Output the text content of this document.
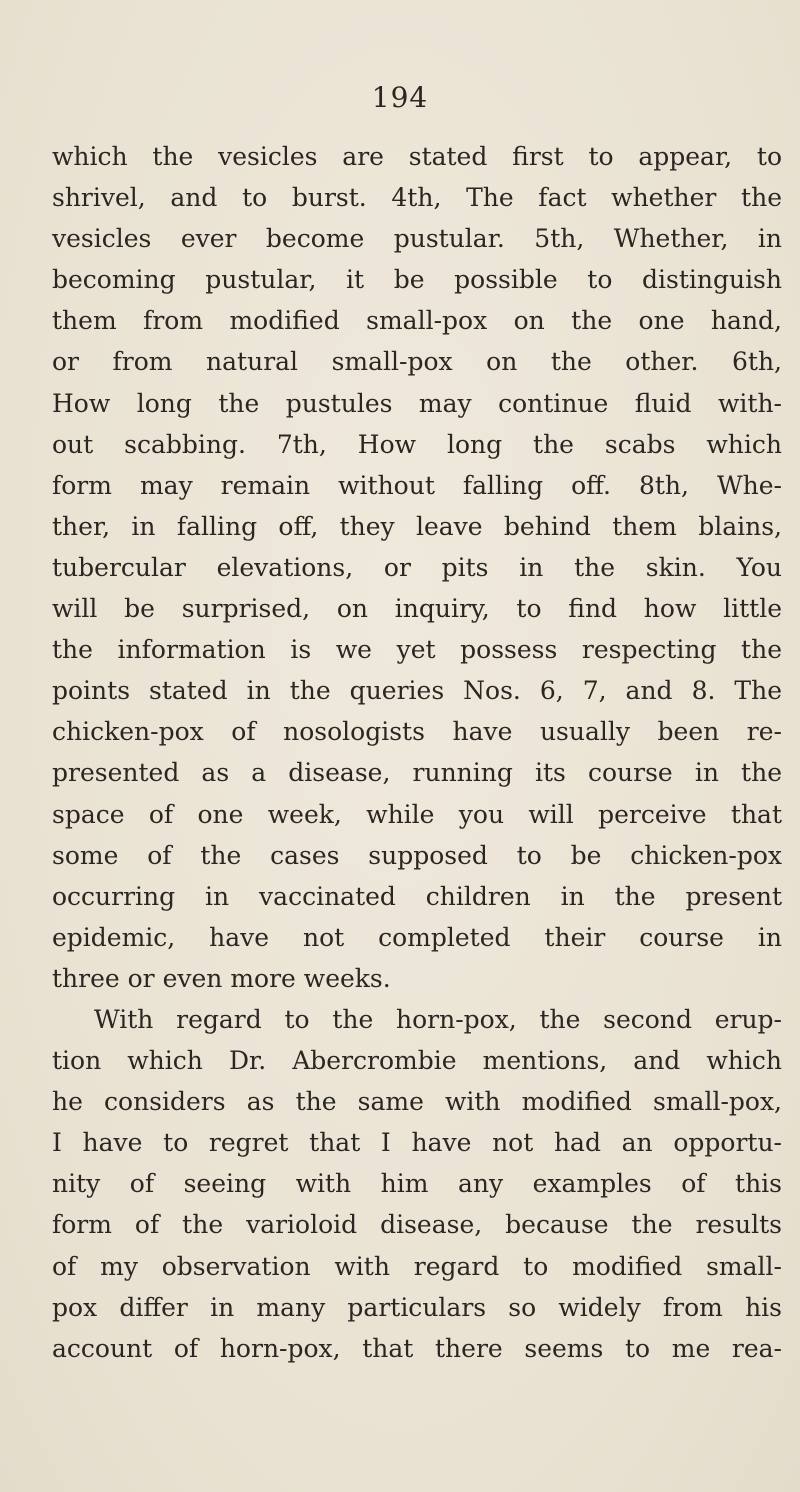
194
which the vesicles are stated first to appear, to
shrivel, and to burst. 4th, The fact whether the
vesicles ever become pustular. 5th, Whether, in
becoming pustular, it be possible to distinguish
them from modified small-pox on the one hand,
or from natural small-pox on the other. 6th,
How long the pustules may continue fluid with-
out scabbing. 7th, How long the scabs which
form may remain without falling off. 8th, Whe-
ther, in falling off, they leave behind them blains,
tubercular elevations, or pits in the skin. You
will be surprised, on inquiry, to find how little
the information is we yet possess respecting the
points stated in the queries Nos. 6, 7, and 8. The
chicken-pox of nosologists have usually been re-
presented as a disease, running its course in the
space of one week, while you will perceive that
some of the cases supposed to be chicken-pox
occurring in vaccinated children in the present
epidemic, have not completed their course in
three or even more weeks.
With regard to the horn-pox, the second erup-
tion which Dr. Abercrombie mentions, and which
he considers as the same with modified small-pox,
I have to regret that I have not had an opportu-
nity of seeing with him any examples of this
form of the varioloid disease, because the results
of my observation with regard to modified small-
pox differ in many particulars so widely from his
account of horn-pox, that there seems to me rea-
